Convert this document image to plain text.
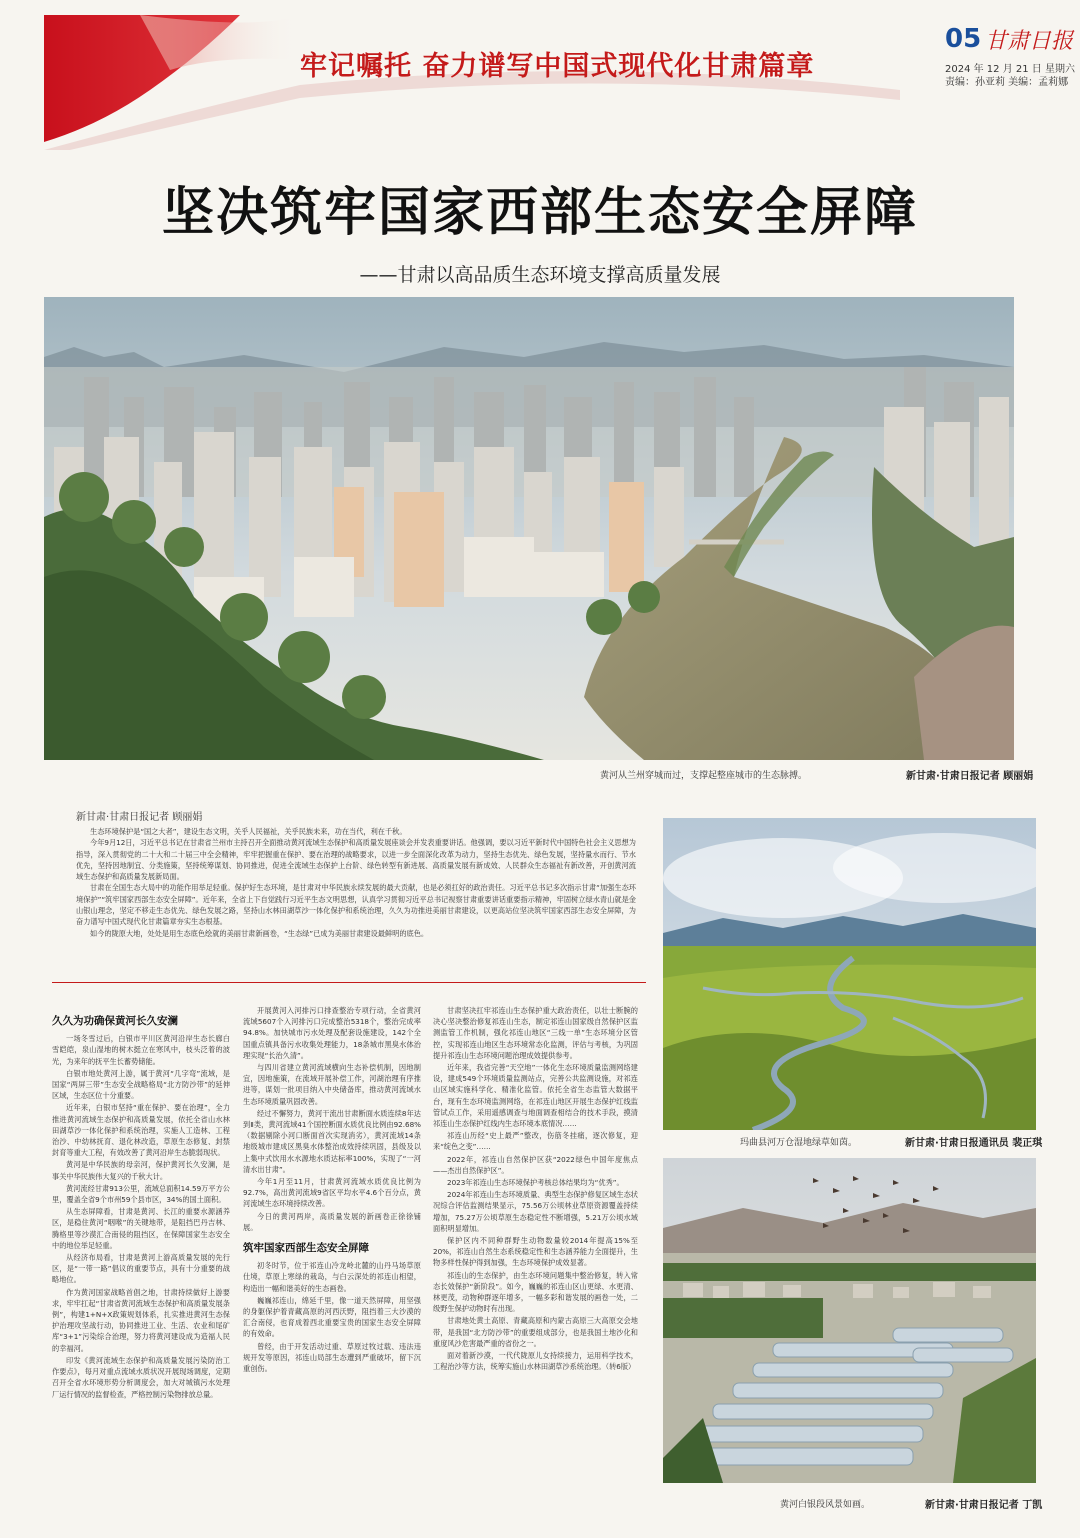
牢记嘱托 奋力谱写中国式现代化甘肃篇章
05 甘肃日报
2024 年 12 月 21 日 星期六
责编：孙亚莉 美编：孟莉娜
坚决筑牢国家西部生态安全屏障
——甘肃以高品质生态环境支撑高质量发展
黄河从兰州穿城而过，支撑起整座城市的生态脉搏。	新甘肃·甘肃日报记者 顾丽娟
新甘肃·甘肃日报记者 顾丽娟

生态环境保护是“国之大者”，建设生态文明，关乎人民福祉，关乎民族未来，功在当代，利在千秋。

今年9月12日，习近平总书记在甘肃省兰州市主持召开全面推动黄河流域生态保护和高质量发展座谈会并发表重要讲话。他强调，要以习近平新时代中国特色社会主义思想为指导，深入贯彻党的二十大和二十届三中全会精神，牢牢把握重在保护、要在治理的战略要求，以进一步全面深化改革为动力，坚持生态优先、绿色发展，坚持量水而行、节水优先，坚持因地制宜、分类施策，坚持统筹谋划、协同推进，促进全流域生态保护上台阶、绿色转型有新进展、高质量发展有新成效、人民群众生态福祉有新改善，开创黄河流域生态保护和高质量发展新局面。

甘肃在全国生态大局中的功能作用举足轻重。保护好生态环境，是甘肃对中华民族永续发展的最大贡献，也是必须扛好的政治责任。习近平总书记多次指示甘肃“加强生态环境保护”“筑牢国家西部生态安全屏障”。近年来，全省上下自觉践行习近平生态文明思想，认真学习贯彻习近平总书记视察甘肃重要讲话重要指示精神，牢固树立绿水青山就是金山银山理念，坚定不移走生态优先、绿色发展之路，坚持山水林田湖草沙一体化保护和系统治理，久久为功推进美丽甘肃建设，以更高站位坚决筑牢国家西部生态安全屏障，为奋力谱写中国式现代化甘肃篇章夯实生态根基。

如今的陇原大地，处处是用生态底色绘就的美丽甘肃新画卷，“生态绿”已成为美丽甘肃建设最鲜明的底色。

久久为功确保黄河长久安澜

一场冬雪过后，白银市平川区黄河沿岸生态长廊白雪皑皑，泉山湿地的树木挺立在寒风中，枝头泛着的波光，为来年的抚平生长蓄势储能。

白银市地处黄河上游，属于黄河“几字弯”流域，是国家“两屏三带”生态安全战略格局“北方防沙带”的延伸区域，生态区位十分重要。

近年来，白银市坚持“重在保护、要在治理”，全力推进黄河流域生态保护和高质量发展，依托全省山水林田湖草沙一体化保护和系统治理，实施人工造林、工程治沙、中幼林抚育、退化林改造，草原生态修复、封禁封育等重大工程，有效改善了黄河沿岸生态脆弱现状。

黄河是中华民族的母亲河，保护黄河长久安澜，是事关中华民族伟大复兴的千秋大计。

黄河流经甘肃913公里，流域总面积14.59万平方公里，覆盖全省9个市州59个县市区，34%的国土面积。

从生态屏障看，甘肃是黄河、长江的重要水源涵养区，是稳住黄河“咽喉”的关键地带，是阻挡巴丹吉林、腾格里等沙漠汇合南侵的阻挡区，在保障国家生态安全中的地位举足轻重。

从经济布局看，甘肃是黄河上游高质量发展的先行区，是“一带一路”倡议的重要节点，具有十分重要的战略地位。

作为黄河国家战略首倡之地，甘肃持续做好上游要求，牢牢扛起“甘肃省黄河流域生态保护和高质量发展条例”，构建1+N+X政策规划体系，扎实推进黄河生态保护治理攻坚战行动，协同推进工业、生活、农业和尾矿库“3+1”污染综合治理，努力将黄河建设成为造福人民的幸福河。

印发《黄河流域生态保护和高质量发展污染防治工作要点》，每月对重点流域水质状况开展现场调度，定期召开全省水环境形势分析调度会，加大对城镇污水处理厂运行情况的监督检查，严格控制污染物排放总量。

开展黄河入河排污口排查整治专项行动，全省黄河流域5607个入河排污口完成整治5318个，整治完成率94.8%。加快城市污水处理及配套设施建设，142个全国重点镇具备污水收集处理能力，18条城市黑臭水体治理实现“长治久清”。

与四川省建立黄河流域横向生态补偿机制，因地制宜，因地施策，在流域开展补偿工作，河湖治理有序推进等，谋划一批项目纳入中央储备库，推动黄河流域水生态环境质量巩固改善。

经过不懈努力，黄河干流出甘肃断面水质连续8年达到Ⅱ类，黄河流域41个国控断面水质优良比例由92.68%（数据剔除小河口断面首次实现消劣），黄河流域14条地级城市建成区黑臭水体整治成效持续巩固，县级及以上集中式饮用水水源地水质达标率100%，实现了“一河清水出甘肃”。

今年1月至11月，甘肃黄河流域水质优良比例为92.7%，高出黄河流域9省区平均水平4.6个百分点，黄河流域生态环境持续改善。

今日的黄河两岸，高质量发展的新画卷正徐徐铺展。

筑牢国家西部生态安全屏障

初冬时节，位于祁连山冷龙岭北麓的山丹马场草原仕境，草原上寒绿的栽岛，与白云深处的祁连山相望，构造出一幅和谐美好的生态画卷。

巍巍祁连山，绵延千里，像一道天然屏障，用坚强的身躯保护着青藏高原的河西沃野，阻挡着三大沙漠的汇合南侵，也育成着西北重要宝贵的国家生态安全屏障的有效命。

曾经，由于开发活动过重、草原过牧过载、违法违规开发等原因，祁连山局部生态遭到严重破坏，留下沉重创伤。

甘肃坚决扛牢祁连山生态保护重大政治责任，以壮士断腕的决心坚决整治修复祁连山生态，制定祁连山国家级自然保护区监测监管工作机制，强化祁连山地区“三线一单”生态环境分区管控，实现祁连山地区生态环境常态化监测，评估与考核，为巩固提升祁连山生态环境问题治理成效提供参考。

近年来，我省完善“天空地”一体化生态环境质量监测网络建设，建成549个环境质量监测站点，完善公共监测设施，对祁连山区域实施科学化、精准化监管。依托全省生态监管大数据平台，现有生态环境监测网络，在祁连山地区开展生态保护红线监管试点工作，采用遥感调查与地面调查相结合的技术手段，摸清祁连山生态保护红线内生态环境本底情况……

祁连山历经“史上最严”整改，伤筋冬挂痛，逐次修复，迎来“绽色之变”……

2022年，祁连山自然保护区获“2022绿色中国年度焦点——杰出自然保护区”。

2023年祁连山生态环境保护考核总体结果均为“优秀”。

2024年祁连山生态环境质量、典型生态保护修复区域生态状况综合评估监测结果显示，75.56万公顷林业草原资源覆盖持续增加，75.27万公顷草原生态稳定性不断增强，5.21万公顷水域面积明显增加。

保护区内不同种群野生动物数量较2014年提高15%至20%，祁连山自然生态系统稳定性和生态涵养能力全面提升，生物多样性保护得到加强，生态环境保护成效显著。

祁连山的生态保护，由生态环境问题集中整治修复，转入常态长效保护“新阶段”。如今，巍巍的祁连山区山更绿、水更清、林更茂，动物种群逐年增多，一幅多彩和谐发展的画卷一处，二级野生保护动物时有出现。

甘肃地处黄土高原、青藏高原和内蒙古高原三大高原交会地带，是我国“北方防沙带”的重要组成部分，也是我国土地沙化和重度风沙危害最严重的省份之一。

面对着新沙漠，一代代陇原儿女持续接力，运用科学技术，工程治沙等方法，统筹实施山水林田湖草沙系统治理。（转6版）

玛曲县河万仓湿地绿草如茵。	新甘肃·甘肃日报通讯员 裴正琪
黄河白银段风景如画。	新甘肃·甘肃日报记者 丁凯
